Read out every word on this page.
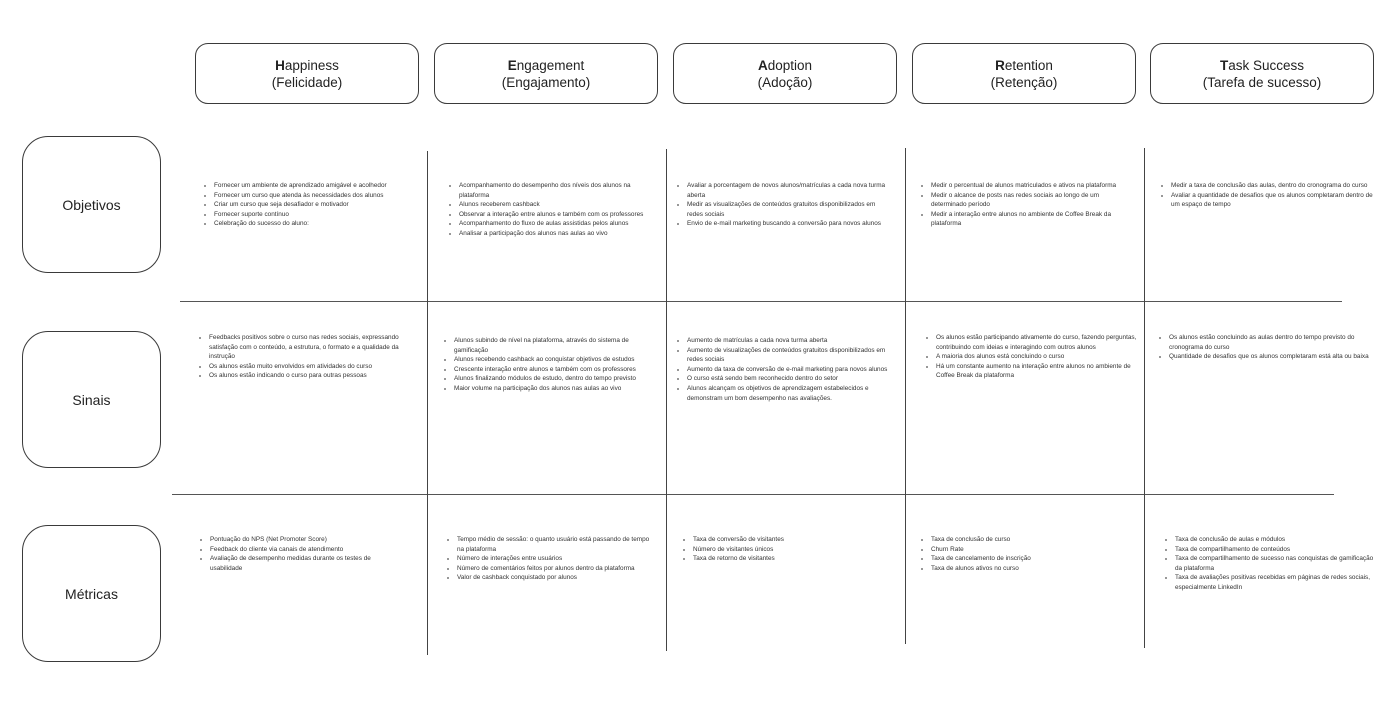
Happiness
(Felicidade)
Engagement
(Engajamento)
Adoption
(Adoção)
Retention
(Retenção)
Task Success
(Tarefa de sucesso)
Objetivos
Sinais
Métricas
• Fornecer um ambiente de aprendizado amigável e acolhedor
• Fornecer um curso que atenda às necessidades dos alunos
• Criar um curso que seja desafiador e motivador
• Fornecer suporte contínuo
• Celebração do sucesso do aluno:
• Acompanhamento do desempenho dos níveis dos alunos na plataforma
• Alunos receberem cashback
• Observar a interação entre alunos e também com os professores
• Acompanhamento do fluxo de aulas assistidas pelos alunos
• Analisar a participação dos alunos nas aulas ao vivo
• Avaliar a porcentagem de novos alunos/matrículas a cada nova turma aberta
• Medir as visualizações de conteúdos gratuitos disponibilizados em redes sociais
• Envio de e-mail marketing buscando a conversão para novos alunos
• Medir o percentual de alunos matriculados e ativos na plataforma
• Medir o alcance de posts nas redes sociais ao longo de um determinado período
• Medir a interação entre alunos no ambiente de Coffee Break da plataforma
• Medir a taxa de conclusão das aulas, dentro do cronograma do curso
• Avaliar a quantidade de desafios que os alunos completaram dentro de um espaço de tempo
• Feedbacks positivos sobre o curso nas redes sociais, expressando satisfação com o conteúdo, a estrutura, o formato e a qualidade da instrução
• Os alunos estão muito envolvidos em atividades do curso
• Os alunos estão indicando o curso para outras pessoas
• Alunos subindo de nível na plataforma, através do sistema de gamificação
• Alunos recebendo cashback ao conquistar objetivos de estudos
• Crescente interação entre alunos e também com os professores
• Alunos finalizando módulos de estudo, dentro do tempo previsto
• Maior volume na participação dos alunos nas aulas ao vivo
• Aumento de matrículas a cada nova turma aberta
• Aumento de visualizações de conteúdos gratuitos disponibilizados em redes sociais
• Aumento da taxa de conversão de e-mail marketing para novos alunos
• O curso está sendo bem reconhecido dentro do setor
• Alunos alcançam os objetivos de aprendizagem estabelecidos e demonstram um bom desempenho nas avaliações.
• Os alunos estão participando ativamente do curso, fazendo perguntas, contribuindo com ideias e interagindo com outros alunos
• A maioria dos alunos está concluindo o curso
• Há um constante aumento na interação entre alunos no ambiente de Coffee Break da plataforma
• Os alunos estão concluindo as aulas dentro do tempo previsto do cronograma do curso
• Quantidade de desafios que os alunos completaram está alta ou baixa
• Pontuação do NPS (Net Promoter Score)
• Feedback do cliente via canais de atendimento
• Avaliação de desempenho medidas durante os testes de usabilidade
• Tempo médio de sessão: o quanto usuário está passando de tempo na plataforma
• Número de interações entre usuários
• Número de comentários feitos por alunos dentro da plataforma
• Valor de cashback conquistado por alunos
• Taxa de conversão de visitantes
• Número de visitantes únicos
• Taxa de retorno de visitantes
• Taxa de conclusão de curso
• Churn Rate
• Taxa de cancelamento de inscrição
• Taxa de alunos ativos no curso
• Taxa de conclusão de aulas e módulos
• Taxa de compartilhamento de conteúdos
• Taxa de compartilhamento de sucesso nas conquistas de gamificação da plataforma
• Taxa de avaliações positivas recebidas em páginas de redes sociais, especialmente LinkedIn
